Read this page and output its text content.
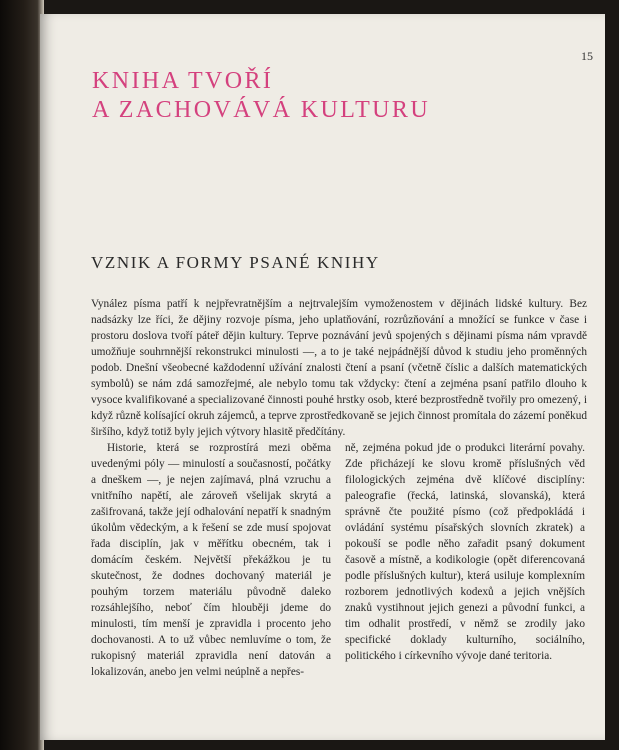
15
KNIHA TVOŘÍ
A ZACHOVÁVÁ KULTURU
VZNIK A FORMY PSANÉ KNIHY

Vynález písma patří k nejpřevratnějším a nejtrvalejším vymoženostem v dějinách lidské kultury. Bez nadsázky lze říci, že dějiny rozvoje písma, jeho uplatňování, rozrůzňování a množící se funkce v čase i prostoru doslova tvoří páteř dějin kultury. Teprve poznávání jevů spojených s dějinami písma nám vpravdě umožňuje souhrnnější rekonstrukci minulosti —, a to je také nejpádnější důvod k studiu jeho proměnných podob. Dnešní všeobecné každodenní užívání znalosti čtení a psaní (včetně číslic a dalších matematických symbolů) se nám zdá samozřejmé, ale nebylo tomu tak vždycky: čtení a zejména psaní patřilo dlouho k vysoce kvalifikované a specializované činnosti pouhé hrstky osob, které bezprostředně tvořily pro omezený, i když různě kolísající okruh zájemců, a teprve zprostředkovaně se jejich činnost promítala do zázemí poněkud širšího, když totiž byly jejich výtvory hlasitě předčítány.

Historie, která se rozprostírá mezi oběma uvedenými póly — minulostí a současností, počátky a dneškem —, je nejen zajímavá, plná vzruchu a vnitřního napětí, ale zároveň všelijak skrytá a zašifrovaná, takže její odhalování nepatří k snadným úkolům vědeckým, a k řešení se zde musí spojovat řada disciplín, jak v měřítku obecném, tak i domácím českém. Největší překážkou je tu skutečnost, že dodnes dochovaný materiál je pouhým torzem materiálu původně daleko rozsáhlejšího, neboť čím hlouběji jdeme do minulosti, tím menší je zpravidla i procento jeho dochovanosti. A to už vůbec nemluvíme o tom, že rukopisný materiál zpravidla není datován a lokalizován, anebo jen velmi neúplně a nepřes-

ně, zejména pokud jde o produkci literární povahy. Zde přicházejí ke slovu kromě příslušných věd filologických zejména dvě klíčové disciplíny: paleografie (řecká, latinská, slovanská), která správně čte použité písmo (což předpokládá i ovládání systému písařských slovních zkratek) a pokouší se podle něho zařadit psaný dokument časově a místně, a kodikologie (opět diferencovaná podle příslušných kultur), která usiluje komplexním rozborem jednotlivých kodexů a jejich vnějších znaků vystihnout jejich genezi a původní funkci, a tim odhalit prostředí, v němž se zrodily jako specifické doklady kulturního, sociálního, politického i církevního vývoje dané teritoria.
